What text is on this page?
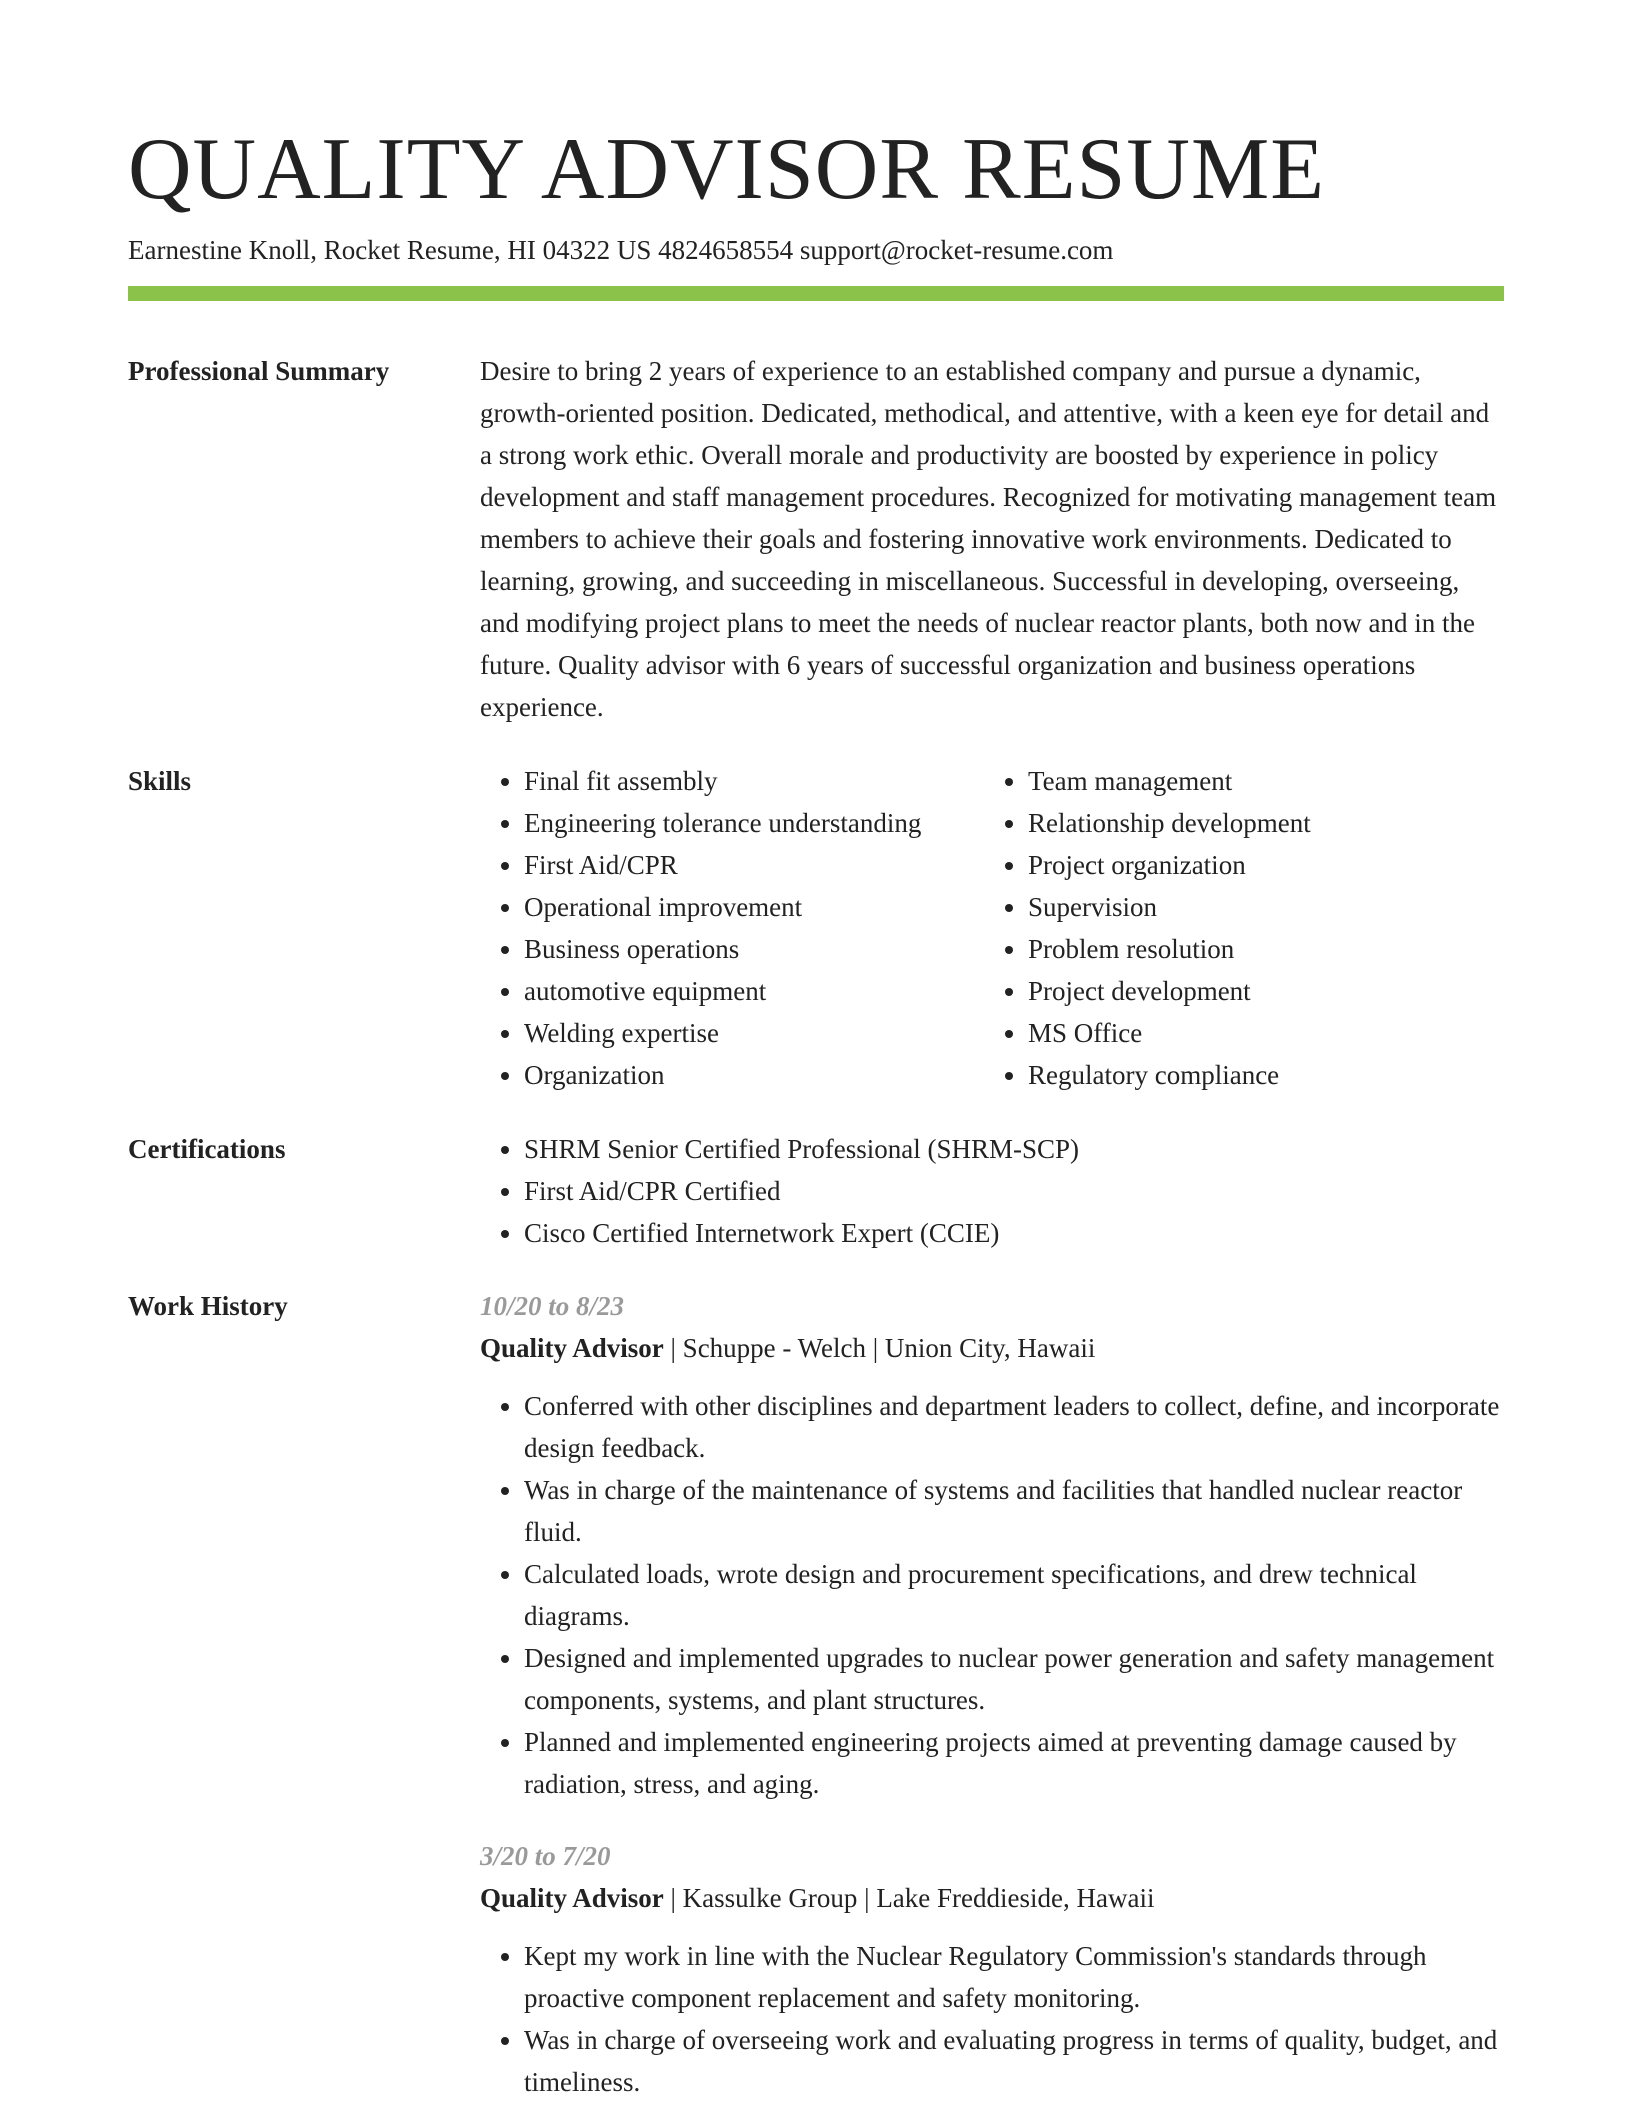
QUALITY ADVISOR RESUME
Earnestine Knoll, Rocket Resume, HI 04322 US 4824658554 support@rocket-resume.com
Professional Summary	Desire to bring 2 years of experience to an established company and pursue a dynamic, growth-oriented position. Dedicated, methodical, and attentive, with a keen eye for detail and a strong work ethic. Overall morale and productivity are boosted by experience in policy development and staff management procedures. Recognized for motivating management team members to achieve their goals and fostering innovative work environments. Dedicated to learning, growing, and succeeding in miscellaneous. Successful in developing, overseeing, and modifying project plans to meet the needs of nuclear reactor plants, both now and in the future. Quality advisor with 6 years of successful organization and business operations experience.

Skills	• Final fit assembly
• Engineering tolerance understanding
• First Aid/CPR
• Operational improvement
• Business operations
• automotive equipment
• Welding expertise
• Organization
• Team management
• Relationship development
• Project organization
• Supervision
• Problem resolution
• Project development
• MS Office
• Regulatory compliance
Certifications	• SHRM Senior Certified Professional (SHRM-SCP)
• First Aid/CPR Certified
• Cisco Certified Internetwork Expert (CCIE)
Work History	10/20 to 8/23
Quality Advisor | Schuppe - Welch | Union City, Hawaii
• Conferred with other disciplines and department leaders to collect, define, and incorporate design feedback.
• Was in charge of the maintenance of systems and facilities that handled nuclear reactor fluid.
• Calculated loads, wrote design and procurement specifications, and drew technical diagrams.
• Designed and implemented upgrades to nuclear power generation and safety management components, systems, and plant structures.
• Planned and implemented engineering projects aimed at preventing damage caused by radiation, stress, and aging.
3/20 to 7/20
Quality Advisor | Kassulke Group | Lake Freddieside, Hawaii
• Kept my work in line with the Nuclear Regulatory Commission's standards through proactive component replacement and safety monitoring.
• Was in charge of overseeing work and evaluating progress in terms of quality, budget, and timeliness.
